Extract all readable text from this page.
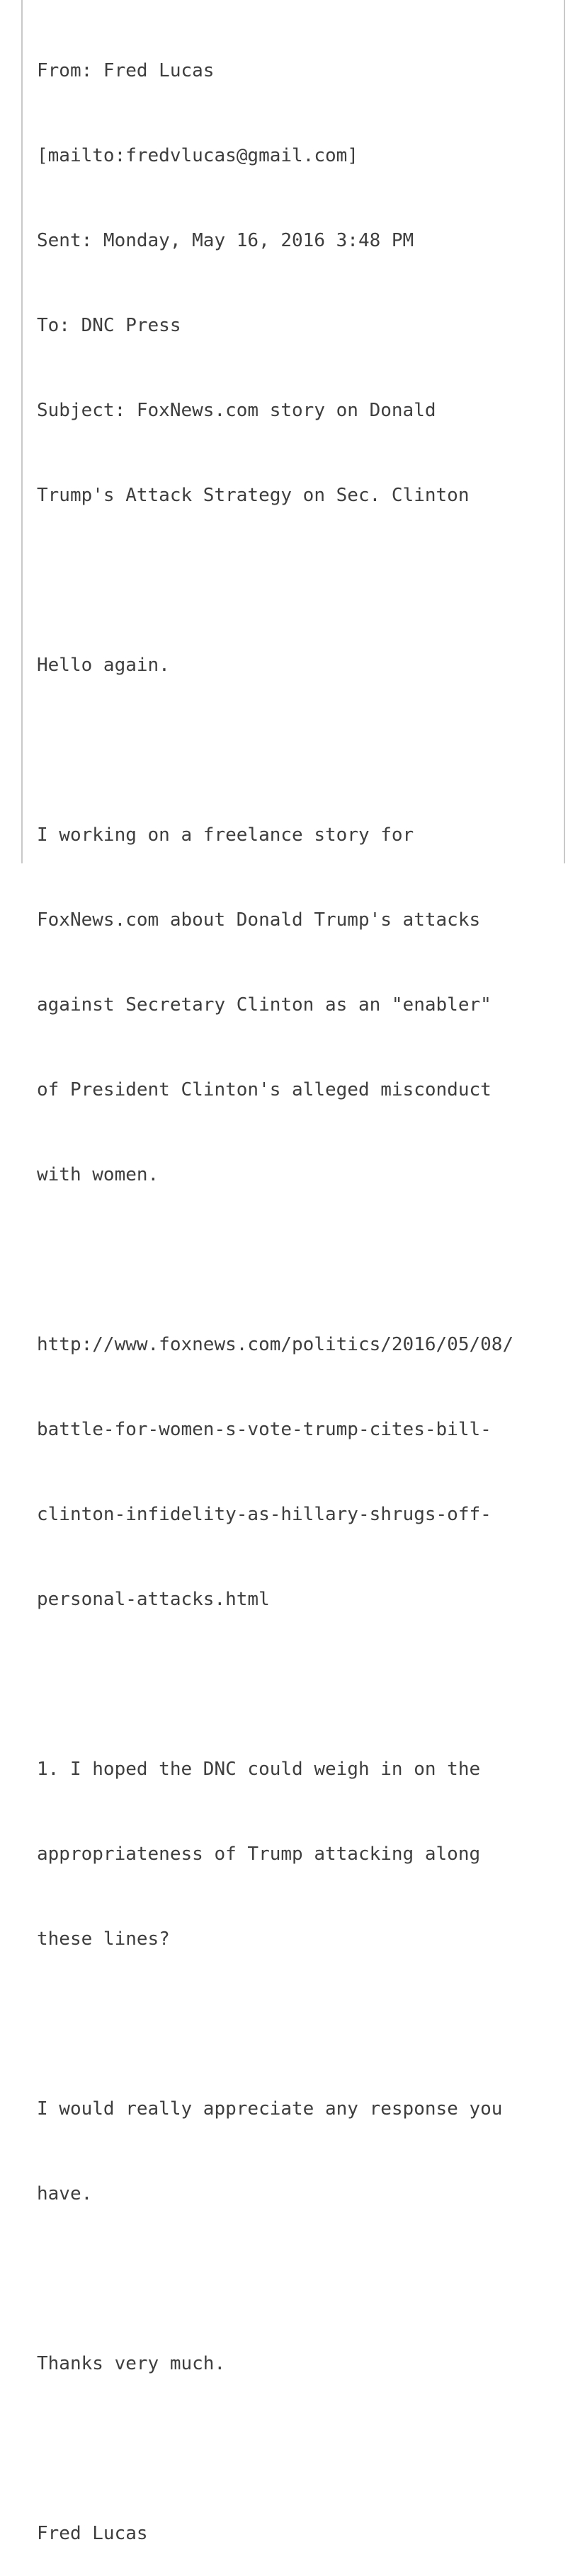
From: Fred Lucas

[mailto:fredvlucas@gmail.com]

Sent: Monday, May 16, 2016 3:48 PM

To: DNC Press

Subject: FoxNews.com story on Donald

Trump's Attack Strategy on Sec. Clinton

Hello again.

I working on a freelance story for

FoxNews.com about Donald Trump's attacks

against Secretary Clinton as an "enabler"

of President Clinton's alleged misconduct

with women.

http://www.foxnews.com/politics/2016/05/08/

battle-for-women-s-vote-trump-cites-bill-

clinton-infidelity-as-hillary-shrugs-off-

personal-attacks.html

1. I hoped the DNC could weigh in on the

appropriateness of Trump attacking along

these lines?

I would really appreciate any response you

have.

Thanks very much.

Fred Lucas
